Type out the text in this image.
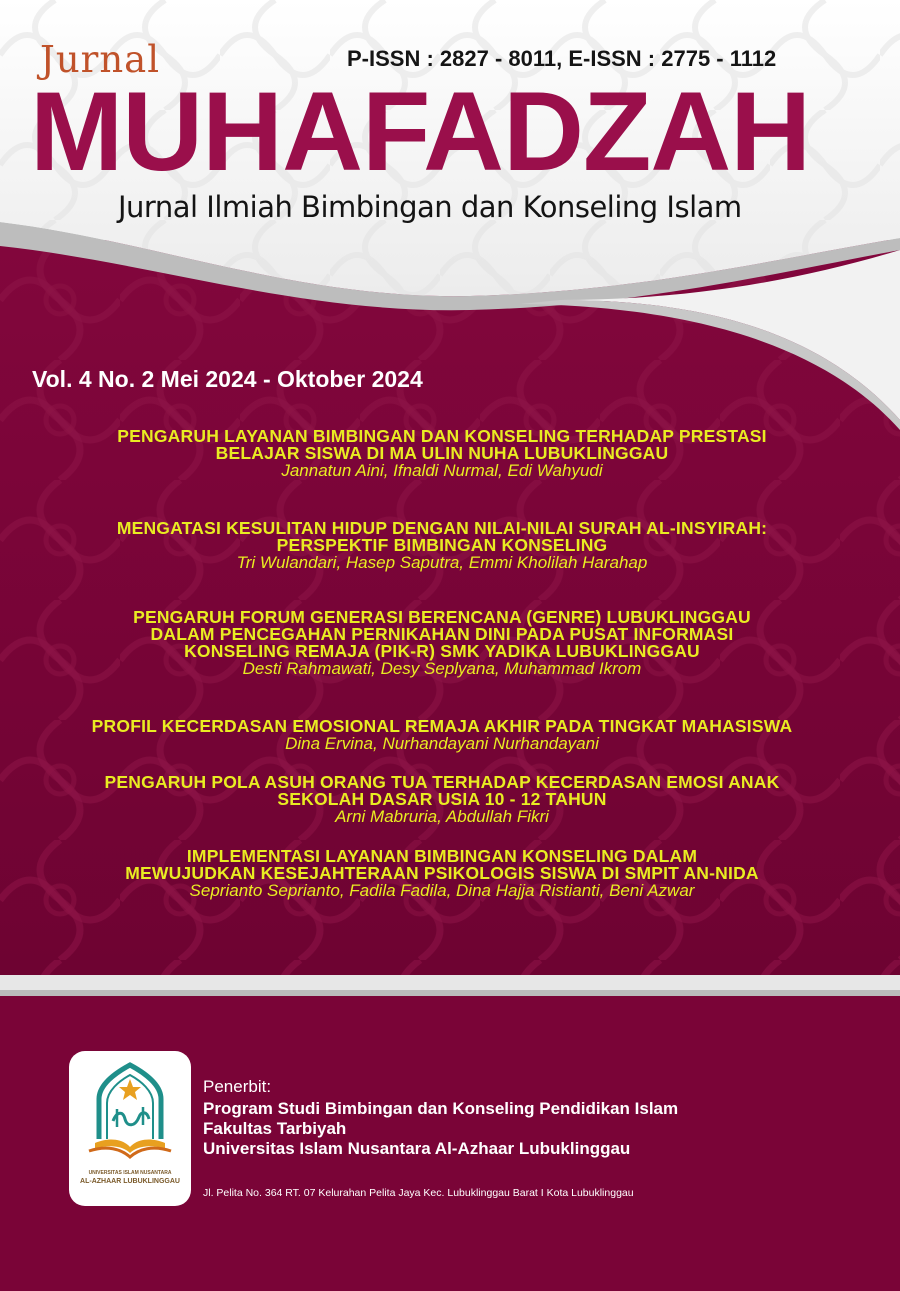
Jurnal	P-ISSN : 2827 - 8011, E-ISSN : 2775 - 1112
MUHAFADZAH
Jurnal Ilmiah Bimbingan dan Konseling Islam
Vol. 4 No. 2 Mei 2024 - Oktober 2024
PENGARUH LAYANAN BIMBINGAN DAN KONSELING TERHADAP PRESTASI
BELAJAR SISWA DI MA ULIN NUHA LUBUKLINGGAU
Jannatun Aini, Ifnaldi Nurmal, Edi Wahyudi
MENGATASI KESULITAN HIDUP DENGAN NILAI-NILAI SURAH AL-INSYIRAH:
PERSPEKTIF BIMBINGAN KONSELING
Tri Wulandari, Hasep Saputra, Emmi Kholilah Harahap
PENGARUH FORUM GENERASI BERENCANA (GENRE) LUBUKLINGGAU
DALAM PENCEGAHAN PERNIKAHAN DINI PADA PUSAT INFORMASI
KONSELING REMAJA (PIK-R) SMK YADIKA LUBUKLINGGAU
Desti Rahmawati, Desy Seplyana, Muhammad Ikrom
PROFIL KECERDASAN EMOSIONAL REMAJA AKHIR PADA TINGKAT MAHASISWA
Dina Ervina, Nurhandayani Nurhandayani
PENGARUH POLA ASUH ORANG TUA TERHADAP KECERDASAN EMOSI ANAK
SEKOLAH DASAR USIA 10 - 12 TAHUN
Arni Mabruria, Abdullah Fikri
IMPLEMENTASI LAYANAN BIMBINGAN KONSELING DALAM
MEWUJUDKAN KESEJAHTERAAN PSIKOLOGIS SISWA DI SMPIT AN-NIDA
Seprianto Seprianto, Fadila Fadila, Dina Hajja Ristianti, Beni Azwar
UNIVERSITAS ISLAM NUSANTARA
AL-AZHAAR LUBUKLINGGAU
Penerbit:
Program Studi Bimbingan dan Konseling Pendidikan Islam
Fakultas Tarbiyah
Universitas Islam Nusantara Al-Azhaar Lubuklinggau
Jl. Pelita No. 364 RT. 07 Kelurahan Pelita Jaya Kec. Lubuklinggau Barat I Kota Lubuklinggau
